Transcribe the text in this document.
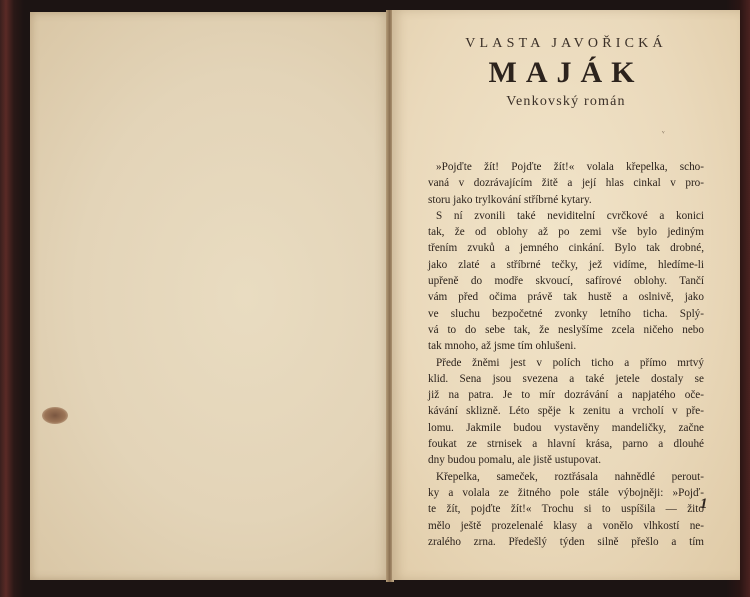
VLASTA JAVOŘICKÁ
MAJÁK
Venkovský román
ᵛ
»Pojďte žít! Pojďte žít!« volala křepelka, scho-
vaná v dozrávajícím žitě a její hlas cinkal v pro-
storu jako trylkování stříbrné kytary.
S ní zvonili také neviditelní cvrčkové a konici
tak, že od oblohy až po zemi vše bylo jediným
třením zvuků a jemného cinkání. Bylo tak drobné,
jako zlaté a stříbrné tečky, jež vidíme, hledíme-li
upřeně do modře skvoucí, safírové oblohy. Tančí
vám před očima právě tak hustě a oslnivě, jako
ve sluchu bezpočetné zvonky letního ticha. Splý-
vá to do sebe tak, že neslyšíme zcela ničeho nebo
tak mnoho, až jsme tím ohlušeni.
Přede žněmi jest v polích ticho a přímo mrtvý
klid. Sena jsou svezena a také jetele dostaly se
již na patra. Je to mír dozrávání a napjatého oče-
kávání sklizně. Léto spěje k zenitu a vrcholí v pře-
lomu. Jakmile budou vystavěny mandeličky, začne
foukat ze strnisek a hlavní krása, parno a dlouhé
dny budou pomalu, ale jistě ustupovat.
Křepelka, sameček, roztřásala nahnědlé perout-
ky a volala ze žitného pole stále výbojněji: »Pojď-
te žít, pojďte žít!« Trochu si to uspíšila — žito
mělo ještě prozelenalé klasy a vonělo vlhkostí ne-
zralého zrna. Předešlý týden silně přešlo a tím
1
